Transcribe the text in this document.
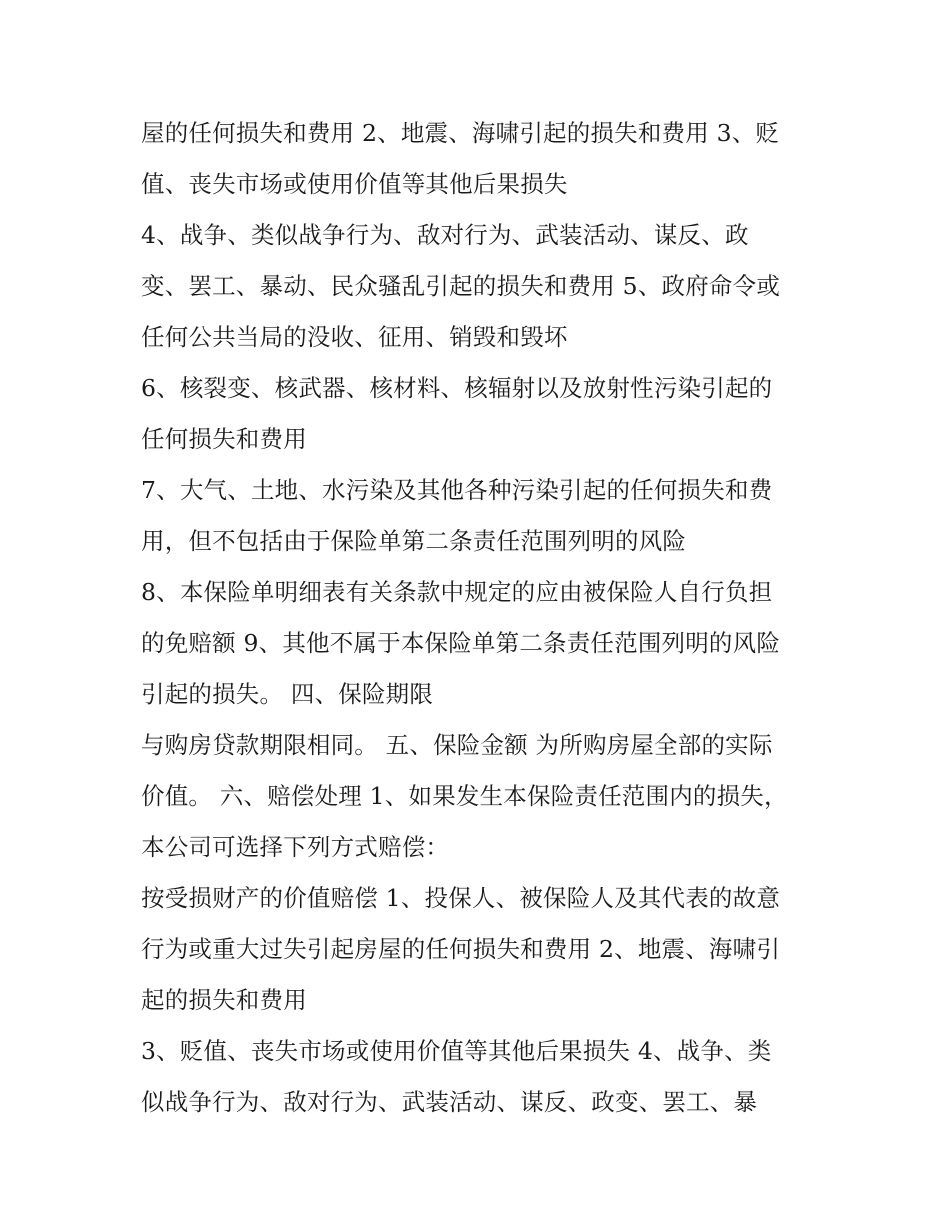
屋的任何损失和费用 2、地震、海啸引起的损失和费用 3、贬
值、丧失市场或使用价值等其他后果损失
4、战争、类似战争行为、敌对行为、武装活动、谋反、政
变、罢工、暴动、民众骚乱引起的损失和费用 5、政府命令或
任何公共当局的没收、征用、销毁和毁坏
6、核裂变、核武器、核材料、核辐射以及放射性污染引起的
任何损失和费用
7、大气、土地、水污染及其他各种污染引起的任何损失和费
用，但不包括由于保险单第二条责任范围列明的风险
8、本保险单明细表有关条款中规定的应由被保险人自行负担
的免赔额 9、其他不属于本保险单第二条责任范围列明的风险
引起的损失。 四、保险期限
与购房贷款期限相同。 五、保险金额 为所购房屋全部的实际
价值。 六、赔偿处理 1、如果发生本保险责任范围内的损失，
本公司可选择下列方式赔偿：
按受损财产的价值赔偿 1、投保人、被保险人及其代表的故意
行为或重大过失引起房屋的任何损失和费用 2、地震、海啸引
起的损失和费用
3、贬值、丧失市场或使用价值等其他后果损失 4、战争、类
似战争行为、敌对行为、武装活动、谋反、政变、罢工、暴
